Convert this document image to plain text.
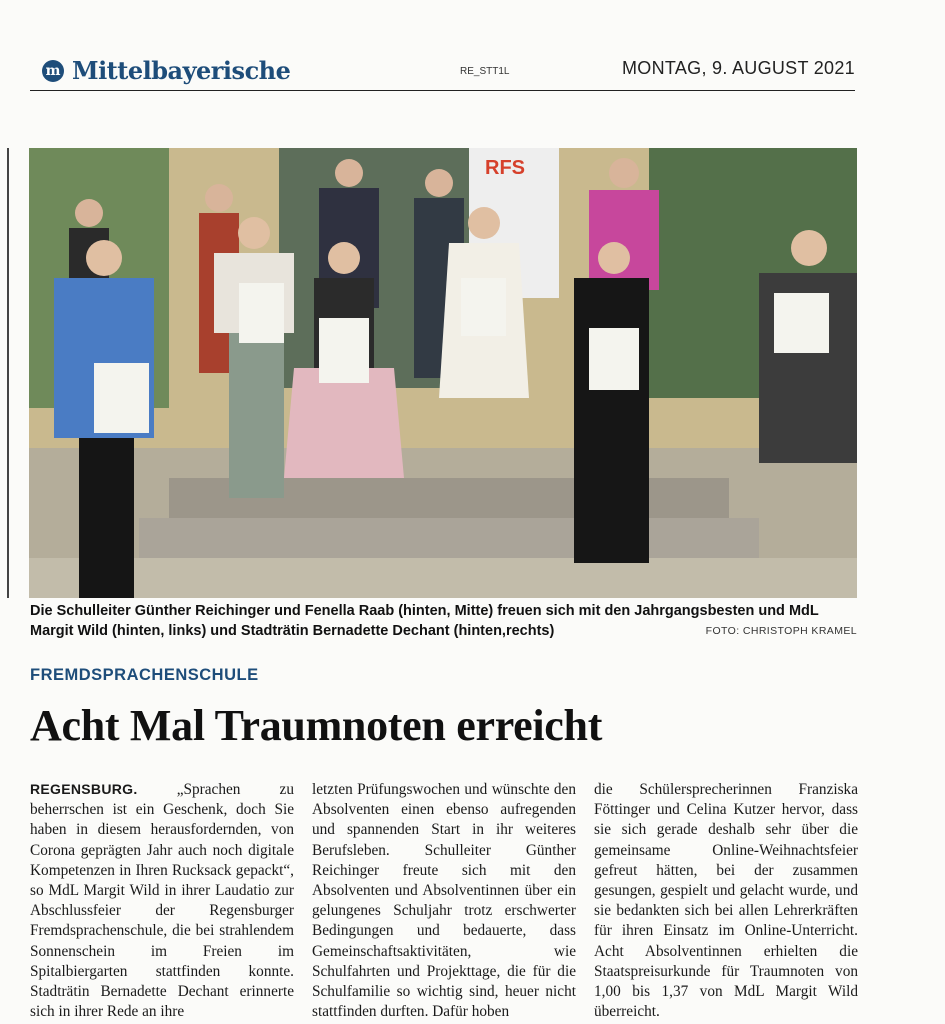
m Mittelbayerische	RE_STT1L	MONTAG, 9. AUGUST 2021
RFS
Die Schulleiter Günther Reichinger und Fenella Raab (hinten, Mitte) freuen sich mit den Jahrgangsbesten und MdL Margit Wild (hinten, links) und Stadträtin Bernadette Dechant (hinten,rechts)	FOTO: CHRISTOPH KRAMEL
FREMDSPRACHENSCHULE
Acht Mal Traumnoten erreicht
REGENSBURG. „Sprachen zu beherrschen ist ein Geschenk, doch Sie haben in diesem herausfordernden, von Corona geprägten Jahr auch noch digitale Kompetenzen in Ihren Rucksack gepackt“, so MdL Margit Wild in ihrer Laudatio zur Abschlussfeier der Regensburger Fremdsprachenschule, die bei strahlendem Sonnenschein im Freien im Spitalbiergarten stattfinden konnte. Stadträtin Bernadette Dechant erinnerte sich in ihrer Rede an ihre
letzten Prüfungswochen und wünschte den Absolventen einen ebenso aufregenden und spannenden Start in ihr weiteres Berufsleben. Schulleiter Günther Reichinger freute sich mit den Absolventen und Absolventinnen über ein gelungenes Schuljahr trotz erschwerter Bedingungen und bedauerte, dass Gemeinschaftsaktivitäten, wie Schulfahrten und Projekttage, die für die Schulfamilie so wichtig sind, heuer nicht stattfinden durften. Dafür hoben
die Schülersprecherinnen Franziska Föttinger und Celina Kutzer hervor, dass sie sich gerade deshalb sehr über die gemeinsame Online-Weihnachtsfeier gefreut hätten, bei der zusammen gesungen, gespielt und gelacht wurde, und sie bedankten sich bei allen Lehrerkräften für ihren Einsatz im Online-Unterricht. Acht Absolventinnen erhielten die Staatspreisurkunde für Traumnoten von 1,00 bis 1,37 von MdL Margit Wild überreicht.
